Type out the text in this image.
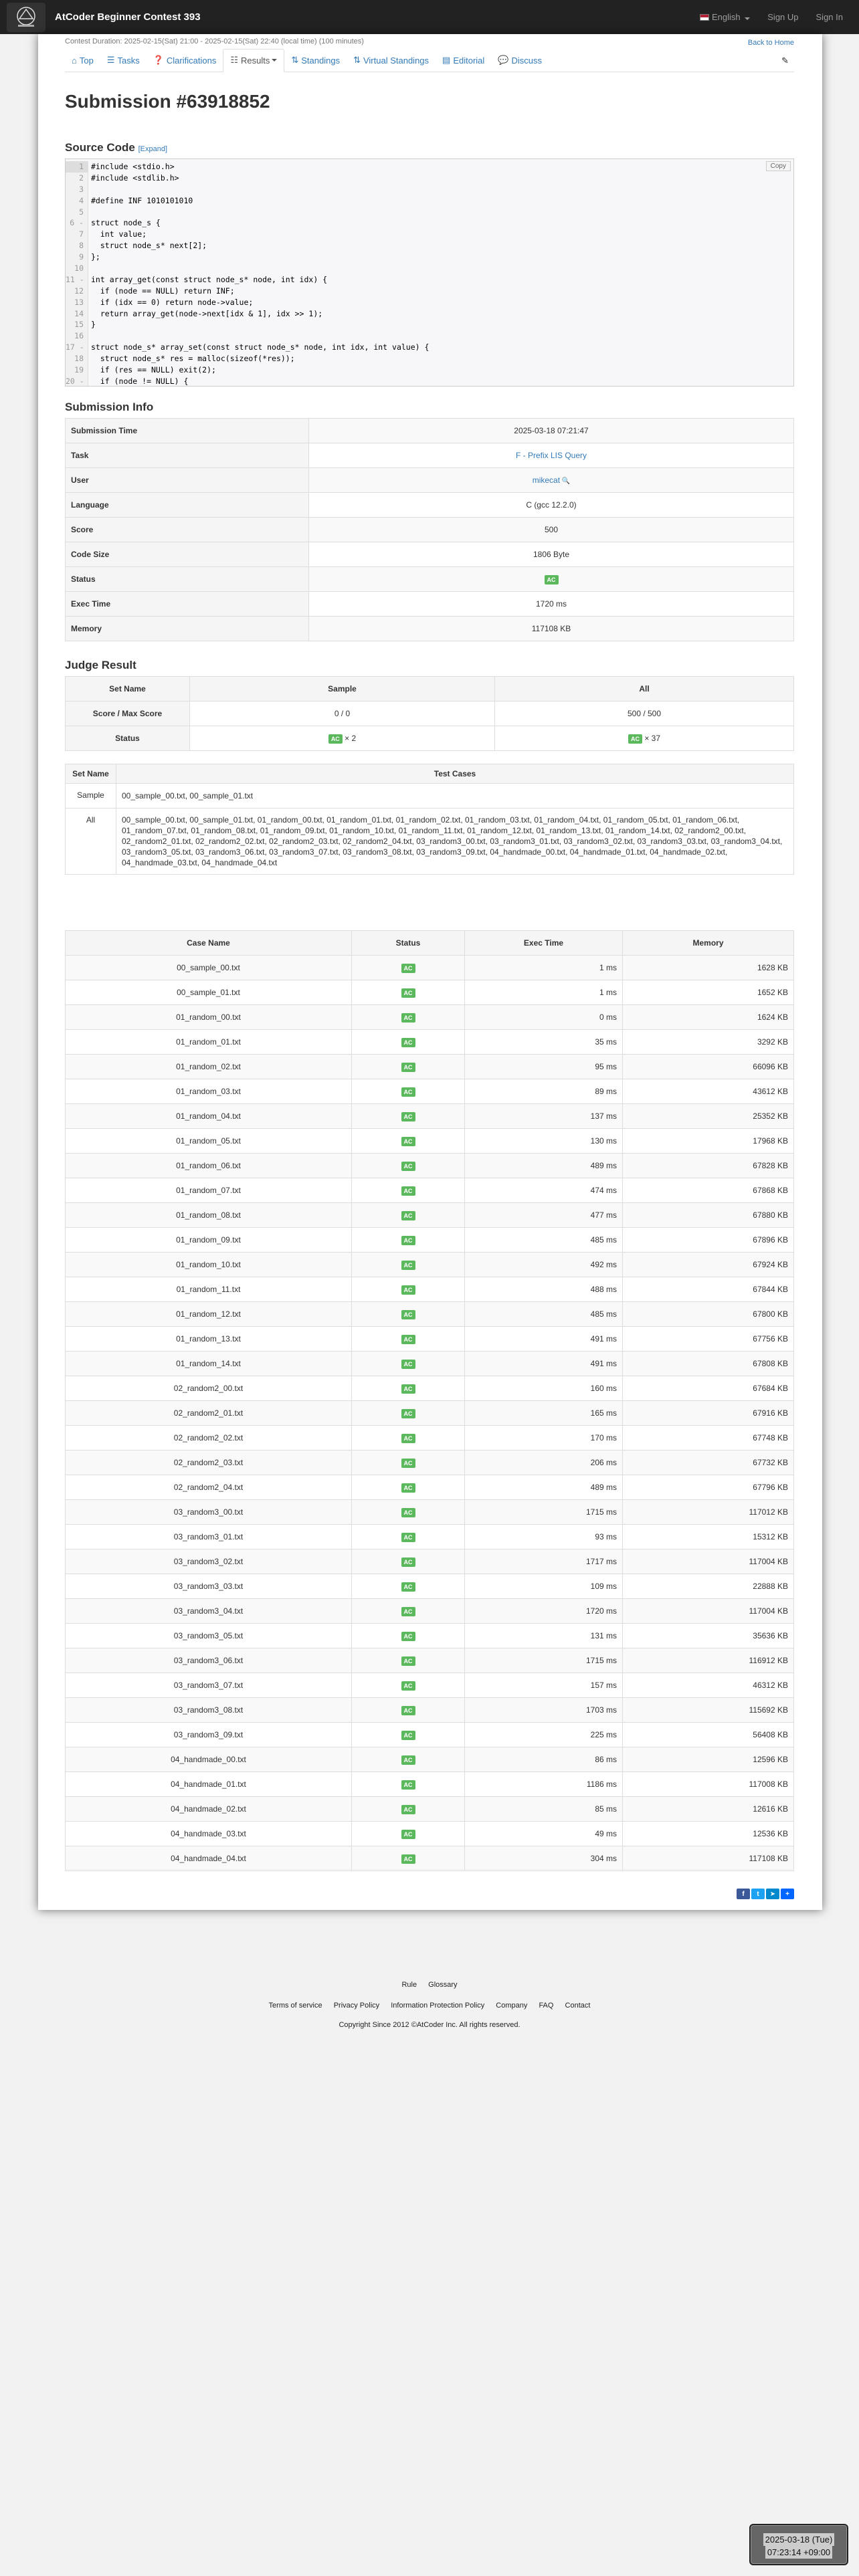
AtCoder Beginner Contest 393	English	Sign Up Sign In
Contest Duration: 2025-02-15(Sat) 21:00 - 2025-02-15(Sat) 22:40 (local time) (100 minutes)	Back to Home
⌂ Top ☰ Tasks ❓ Clarifications ☷ Results ⇅ Standings ⇅ Virtual Standings ▤ Editorial 💬 Discuss	✎
Submission #63918852
Source Code [Expand]
Copy
1 #include <stdio.h>
2 #include <stdlib.h>
3
4 #define INF 1010101010
5
6 - struct node_s {
7 int value;
8 struct node_s* next[2];
9 };
10
11 - int array_get(const struct node_s* node, int idx) {
12 if (node == NULL) return INF;
13 if (idx == 0) return node->value;
14 return array_get(node->next[idx & 1], idx >> 1);
15 }
16
17 - struct node_s* array_set(const struct node_s* node, int idx, int value) {
18 struct node_s* res = malloc(sizeof(*res));
19 if (res == NULL) exit(2);
20 - if (node != NULL) {
Submission Info
Submission Time	2025-03-18 07:21:47
Task	F - Prefix LIS Query
User	mikecat 🔍
Language	C (gcc 12.2.0)
Score	500
Code Size	1806 Byte
Status	AC
Exec Time	1720 ms
Memory	117108 KB
Judge Result
Set Name	Sample	All
Score / Max Score	0 / 0	500 / 500
Status	AC × 2	AC × 37
Set Name	Test Cases
Sample	00_sample_00.txt, 00_sample_01.txt
All	00_sample_00.txt, 00_sample_01.txt, 01_random_00.txt, 01_random_01.txt, 01_random_02.txt, 01_random_03.txt, 01_random_04.txt, 01_random_05.txt, 01_random_06.txt, 01_random_07.txt, 01_random_08.txt, 01_random_09.txt, 01_random_10.txt, 01_random_11.txt, 01_random_12.txt, 01_random_13.txt, 01_random_14.txt, 02_random2_00.txt, 02_random2_01.txt, 02_random2_02.txt, 02_random2_03.txt, 02_random2_04.txt, 03_random3_00.txt, 03_random3_01.txt, 03_random3_02.txt, 03_random3_03.txt, 03_random3_04.txt, 03_random3_05.txt, 03_random3_06.txt, 03_random3_07.txt, 03_random3_08.txt, 03_random3_09.txt, 04_handmade_00.txt, 04_handmade_01.txt, 04_handmade_02.txt, 04_handmade_03.txt, 04_handmade_04.txt
Case Name	Status	Exec Time	Memory
00_sample_00.txt	AC	1 ms	1628 KB
00_sample_01.txt	AC	1 ms	1652 KB
01_random_00.txt	AC	0 ms	1624 KB
01_random_01.txt	AC	35 ms	3292 KB
01_random_02.txt	AC	95 ms	66096 KB
01_random_03.txt	AC	89 ms	43612 KB
01_random_04.txt	AC	137 ms	25352 KB
01_random_05.txt	AC	130 ms	17968 KB
01_random_06.txt	AC	489 ms	67828 KB
01_random_07.txt	AC	474 ms	67868 KB
01_random_08.txt	AC	477 ms	67880 KB
01_random_09.txt	AC	485 ms	67896 KB
01_random_10.txt	AC	492 ms	67924 KB
01_random_11.txt	AC	488 ms	67844 KB
01_random_12.txt	AC	485 ms	67800 KB
01_random_13.txt	AC	491 ms	67756 KB
01_random_14.txt	AC	491 ms	67808 KB
02_random2_00.txt	AC	160 ms	67684 KB
02_random2_01.txt	AC	165 ms	67916 KB
02_random2_02.txt	AC	170 ms	67748 KB
02_random2_03.txt	AC	206 ms	67732 KB
02_random2_04.txt	AC	489 ms	67796 KB
03_random3_00.txt	AC	1715 ms	117012 KB
03_random3_01.txt	AC	93 ms	15312 KB
03_random3_02.txt	AC	1717 ms	117004 KB
03_random3_03.txt	AC	109 ms	22888 KB
03_random3_04.txt	AC	1720 ms	117004 KB
03_random3_05.txt	AC	131 ms	35636 KB
03_random3_06.txt	AC	1715 ms	116912 KB
03_random3_07.txt	AC	157 ms	46312 KB
03_random3_08.txt	AC	1703 ms	115692 KB
03_random3_09.txt	AC	225 ms	56408 KB
04_handmade_00.txt	AC	86 ms	12596 KB
04_handmade_01.txt	AC	1186 ms	117008 KB
04_handmade_02.txt	AC	85 ms	12616 KB
04_handmade_03.txt	AC	49 ms	12536 KB
04_handmade_04.txt	AC	304 ms	117108 KB
f	t	➤	+
Rule Glossary
Terms of service Privacy Policy Information Protection Policy Company FAQ Contact
Copyright Since 2012 ©AtCoder Inc. All rights reserved.
2025-03-18 (Tue)
07:23:14 +09:00
